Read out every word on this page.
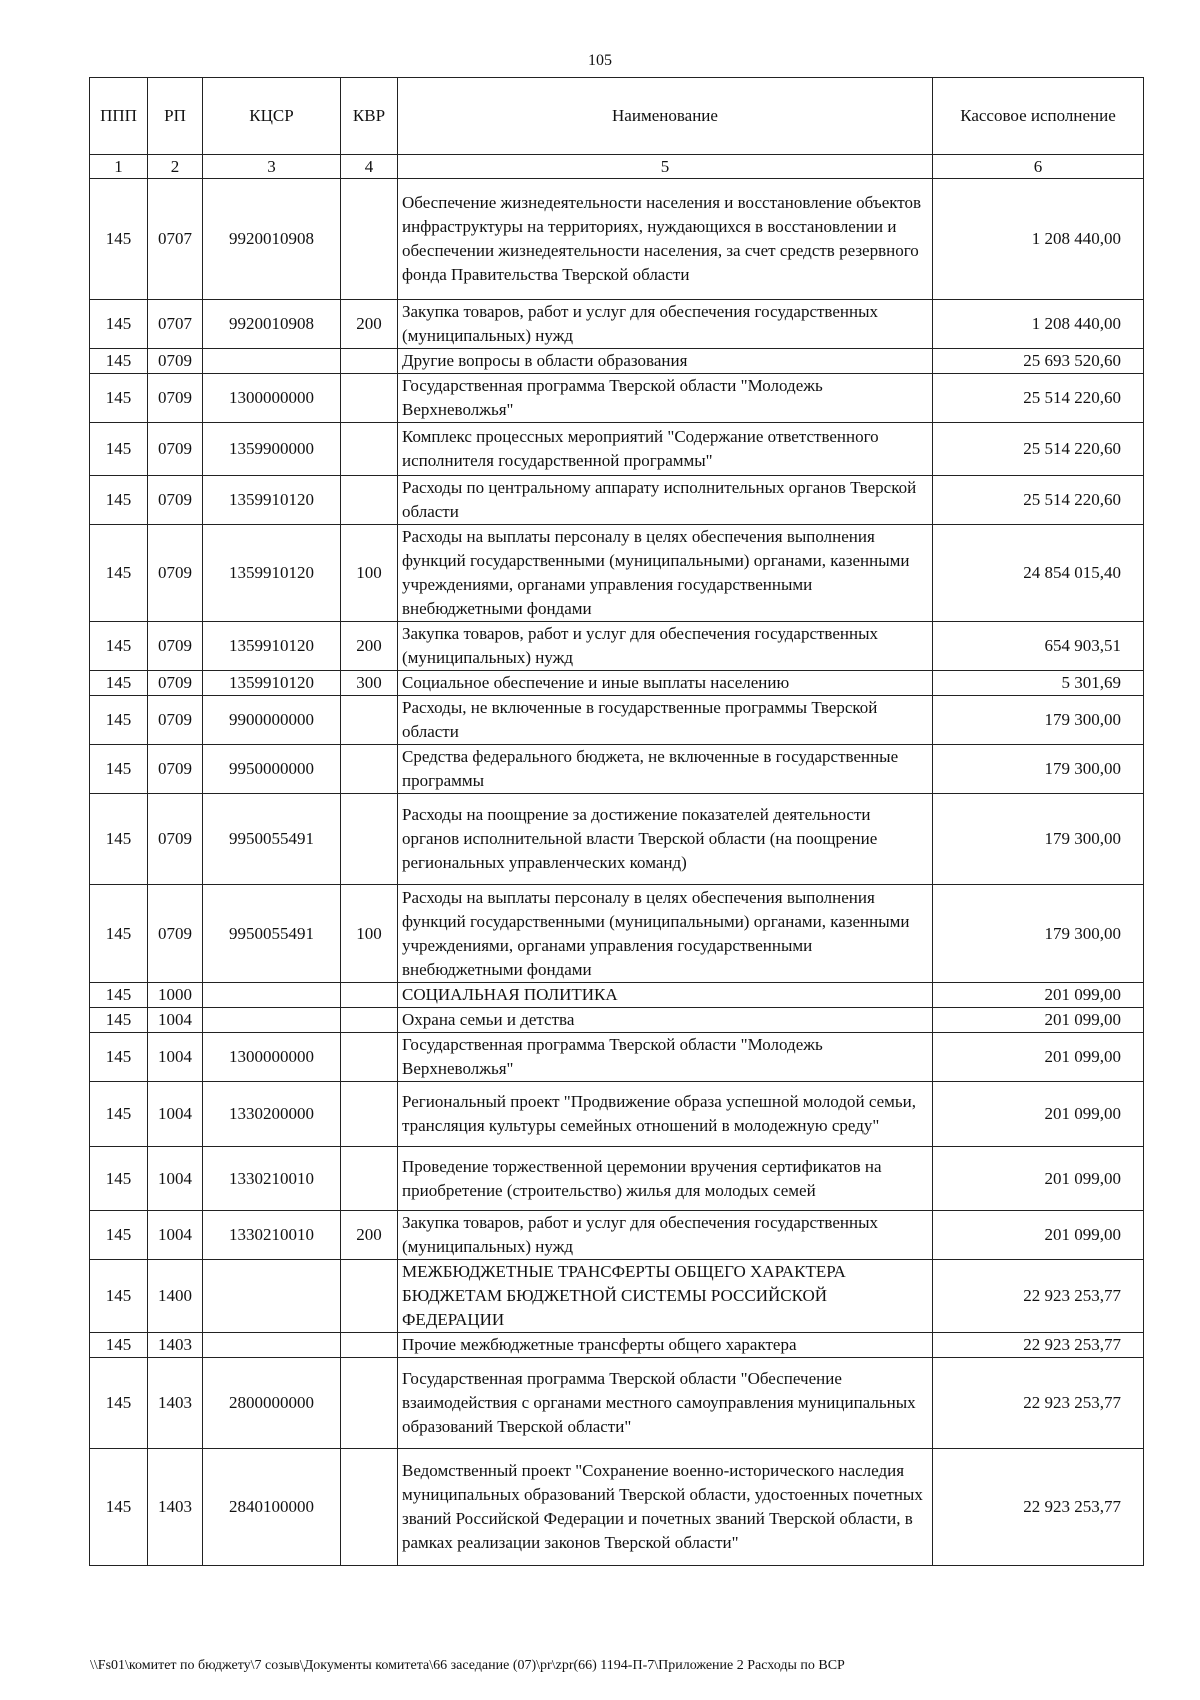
105
ППП	РП	КЦСР	КВР	Наименование	Кассовое исполнение
1	2	3	4	5	6
145	0707	9920010908		Обеспечение жизнедеятельности населения и восстановление объектов инфраструктуры на территориях, нуждающихся в восстановлении и обеспечении жизнедеятельности населения, за счет средств резервного фонда Правительства Тверской области	1 208 440,00
145	0707	9920010908	200	Закупка товаров, работ и услуг для обеспечения государственных (муниципальных) нужд	1 208 440,00
145	0709			Другие вопросы в области образования	25 693 520,60
145	0709	1300000000		Государственная программа Тверской области "Молодежь Верхневолжья"	25 514 220,60
145	0709	1359900000		Комплекс процессных мероприятий "Содержание ответственного исполнителя государственной программы"	25 514 220,60
145	0709	1359910120		Расходы по центральному аппарату исполнительных органов Тверской области	25 514 220,60
145	0709	1359910120	100	Расходы на выплаты персоналу в целях обеспечения выполнения функций государственными (муниципальными) органами, казенными учреждениями, органами управления государственными внебюджетными фондами	24 854 015,40
145	0709	1359910120	200	Закупка товаров, работ и услуг для обеспечения государственных (муниципальных) нужд	654 903,51
145	0709	1359910120	300	Социальное обеспечение и иные выплаты населению	5 301,69
145	0709	9900000000		Расходы, не включенные в государственные программы Тверской области	179 300,00
145	0709	9950000000		Средства федерального бюджета, не включенные в государственные программы	179 300,00
145	0709	9950055491		Расходы на поощрение за достижение показателей деятельности органов исполнительной власти Тверской области (на поощрение региональных управленческих команд)	179 300,00
145	0709	9950055491	100	Расходы на выплаты персоналу в целях обеспечения выполнения функций государственными (муниципальными) органами, казенными учреждениями, органами управления государственными внебюджетными фондами	179 300,00
145	1000			СОЦИАЛЬНАЯ ПОЛИТИКА	201 099,00
145	1004			Охрана семьи и детства	201 099,00
145	1004	1300000000		Государственная программа Тверской области "Молодежь Верхневолжья"	201 099,00
145	1004	1330200000		Региональный проект "Продвижение образа успешной молодой семьи, трансляция культуры семейных отношений в молодежную среду"	201 099,00
145	1004	1330210010		Проведение торжественной церемонии вручения сертификатов на приобретение (строительство) жилья для молодых семей	201 099,00
145	1004	1330210010	200	Закупка товаров, работ и услуг для обеспечения государственных (муниципальных) нужд	201 099,00
145	1400			МЕЖБЮДЖЕТНЫЕ ТРАНСФЕРТЫ ОБЩЕГО ХАРАКТЕРА БЮДЖЕТАМ БЮДЖЕТНОЙ СИСТЕМЫ РОССИЙСКОЙ ФЕДЕРАЦИИ	22 923 253,77
145	1403			Прочие межбюджетные трансферты общего характера	22 923 253,77
145	1403	2800000000		Государственная программа Тверской области "Обеспечение взаимодействия с органами местного самоуправления муниципальных образований Тверской области"	22 923 253,77
145	1403	2840100000		Ведомственный проект "Сохранение военно-исторического наследия муниципальных образований Тверской области, удостоенных почетных званий Российской Федерации и почетных званий Тверской области, в рамках реализации законов Тверской области"	22 923 253,77
\\Fs01\комитет по бюджету\7 созыв\Документы комитета\66 заседание (07)\pr\zpr(66) 1194-П-7\Приложение 2 Расходы по ВСР
